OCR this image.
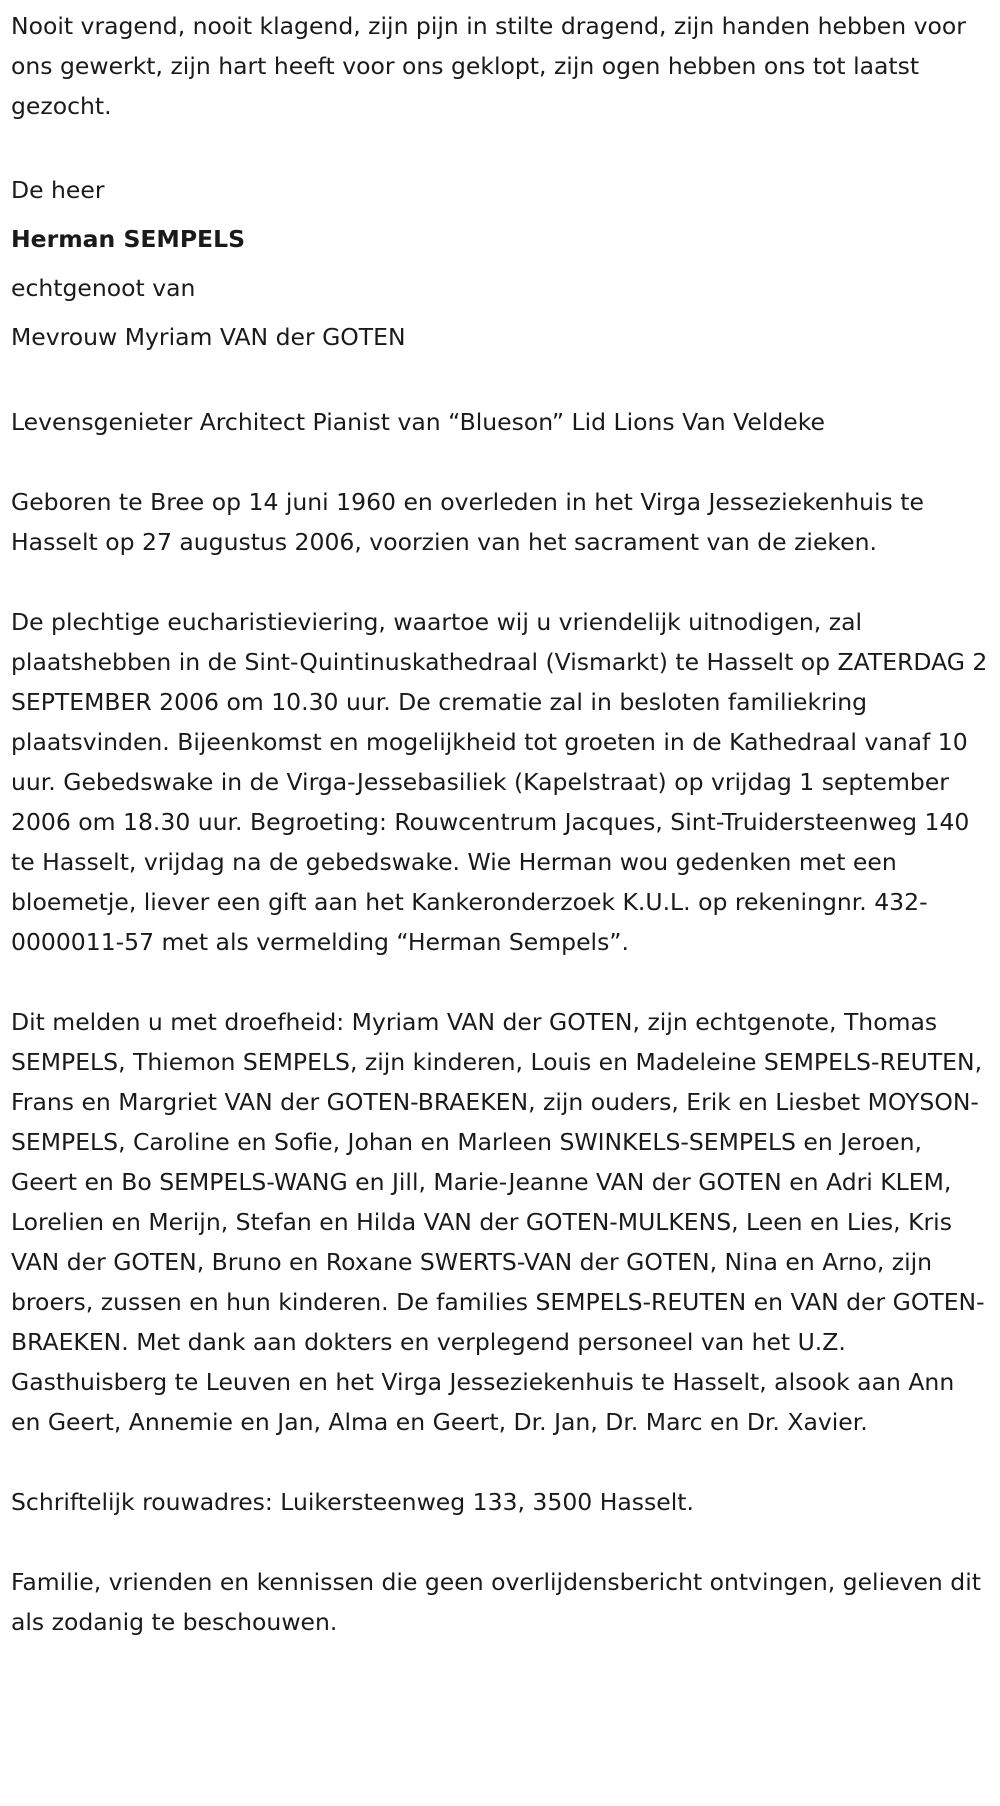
Nooit vragend, nooit klagend, zijn pijn in stilte dragend, zijn handen hebben voor ons gewerkt, zijn hart heeft voor ons geklopt, zijn ogen hebben ons tot laatst gezocht.

De heer
Herman SEMPELS
echtgenoot van
Mevrouw Myriam VAN der GOTEN

Levensgenieter Architect Pianist van “Blueson” Lid Lions Van Veldeke

Geboren te Bree op 14 juni 1960 en overleden in het Virga Jesseziekenhuis te Hasselt op 27 augustus 2006, voorzien van het sacrament van de zieken.

De plechtige eucharistieviering, waartoe wij u vriendelijk uitnodigen, zal plaatshebben in de Sint-Quintinuskathedraal (Vismarkt) te Hasselt op ZATERDAG 2 SEPTEMBER 2006 om 10.30 uur. De crematie zal in besloten familiekring plaatsvinden. Bijeenkomst en mogelijkheid tot groeten in de Kathedraal vanaf 10 uur. Gebedswake in de Virga-Jessebasiliek (Kapelstraat) op vrijdag 1 september 2006 om 18.30 uur. Begroeting: Rouwcentrum Jacques, Sint-Truidersteenweg 140 te Hasselt, vrijdag na de gebedswake. Wie Herman wou gedenken met een bloemetje, liever een gift aan het Kankeronderzoek K.U.L. op rekeningnr. 432-0000011-57 met als vermelding “Herman Sempels”.

Dit melden u met droefheid: Myriam VAN der GOTEN, zijn echtgenote, Thomas SEMPELS, Thiemon SEMPELS, zijn kinderen, Louis en Madeleine SEMPELS-REUTEN, Frans en Margriet VAN der GOTEN-BRAEKEN, zijn ouders, Erik en Liesbet MOYSON-SEMPELS, Caroline en Sofie, Johan en Marleen SWINKELS-SEMPELS en Jeroen, Geert en Bo SEMPELS-WANG en Jill, Marie-Jeanne VAN der GOTEN en Adri KLEM, Lorelien en Merijn, Stefan en Hilda VAN der GOTEN-MULKENS, Leen en Lies, Kris VAN der GOTEN, Bruno en Roxane SWERTS-VAN der GOTEN, Nina en Arno, zijn broers, zussen en hun kinderen. De families SEMPELS-REUTEN en VAN der GOTEN-BRAEKEN. Met dank aan dokters en verplegend personeel van het U.Z. Gasthuisberg te Leuven en het Virga Jesseziekenhuis te Hasselt, alsook aan Ann en Geert, Annemie en Jan, Alma en Geert, Dr. Jan, Dr. Marc en Dr. Xavier.

Schriftelijk rouwadres: Luikersteenweg 133, 3500 Hasselt.

Familie, vrienden en kennissen die geen overlijdensbericht ontvingen, gelieven dit als zodanig te beschouwen.
